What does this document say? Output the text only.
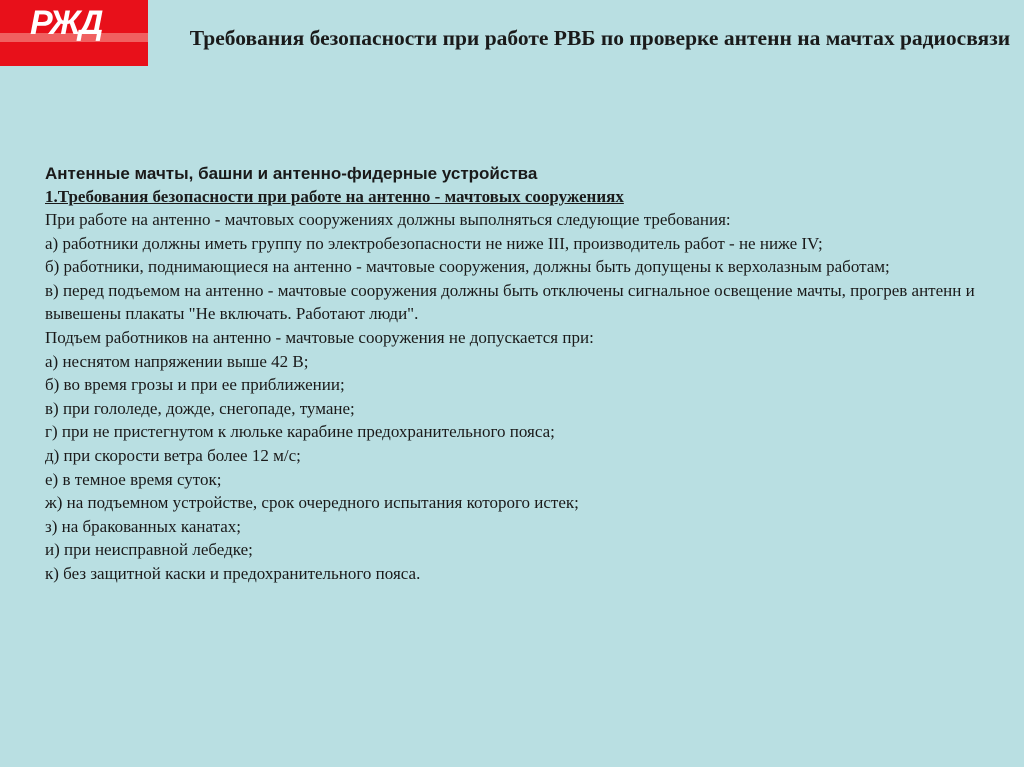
РЖД	Требования безопасности при работе РВБ по проверке антенн на мачтах радиосвязи
Антенные мачты, башни и антенно-фидерные устройства
1.Требования безопасности при работе на антенно - мачтовых сооружениях
При работе на антенно - мачтовых сооружениях должны выполняться следующие требования:
а) работники должны иметь группу по электробезопасности не ниже III, производитель работ - не ниже IV;
б) работники, поднимающиеся на антенно - мачтовые сооружения, должны быть допущены к верхолазным работам;
в) перед подъемом на антенно - мачтовые сооружения должны быть отключены сигнальное освещение мачты, прогрев антенн и вывешены плакаты "Не включать. Работают люди".
Подъем работников на антенно - мачтовые сооружения не допускается при:
а) неснятом напряжении выше 42 В;
б) во время грозы и при ее приближении;
в) при гололеде, дожде, снегопаде, тумане;
г) при не пристегнутом к люльке карабине предохранительного пояса;
д) при скорости ветра более 12 м/с;
е) в темное время суток;
ж) на подъемном устройстве, срок очередного испытания которого истек;
з) на бракованных канатах;
и) при неисправной лебедке;
к) без защитной каски и предохранительного пояса.
